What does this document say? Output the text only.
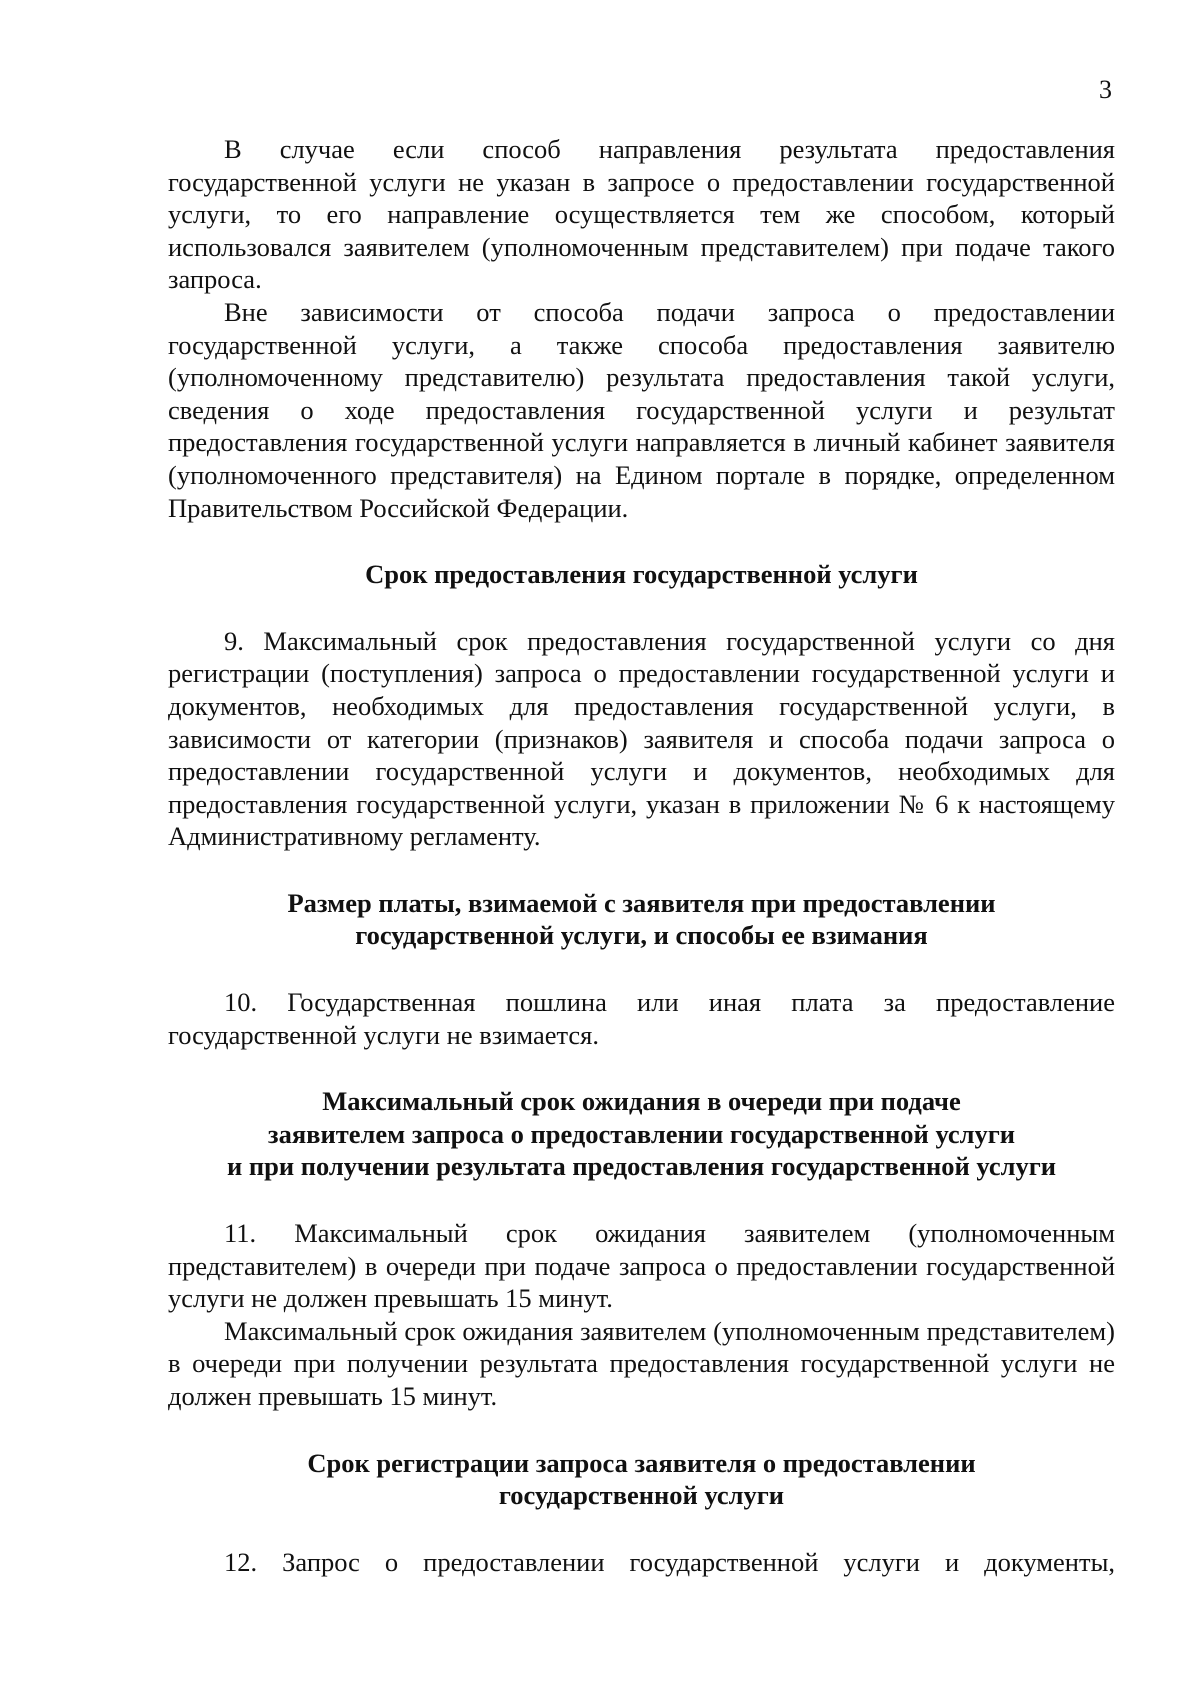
3

В случае если способ направления результата предоставления государственной услуги не указан в запросе о предоставлении государственной услуги, то его направление осуществляется тем же способом, который использовался заявителем (уполномоченным представителем) при подаче такого запроса.

Вне зависимости от способа подачи запроса о предоставлении государственной услуги, а также способа предоставления заявителю (уполномоченному представителю) результата предоставления такой услуги, сведения о ходе предоставления государственной услуги и результат предоставления государственной услуги направляется в личный кабинет заявителя (уполномоченного представителя) на Едином портале в порядке, определенном Правительством Российской Федерации.

Срок предоставления государственной услуги

9. Максимальный срок предоставления государственной услуги со дня регистрации (поступления) запроса о предоставлении государственной услуги и документов, необходимых для предоставления государственной услуги, в зависимости от категории (признаков) заявителя и способа подачи запроса о предоставлении государственной услуги и документов, необходимых для предоставления государственной услуги, указан в приложении № 6 к настоящему Административному регламенту.

Размер платы, взимаемой с заявителя при предоставлении
государственной услуги, и способы ее взимания

10. Государственная пошлина или иная плата за предоставление государственной услуги не взимается.

Максимальный срок ожидания в очереди при подаче
заявителем запроса о предоставлении государственной услуги
и при получении результата предоставления государственной услуги

11. Максимальный срок ожидания заявителем (уполномоченным представителем) в очереди при подаче запроса о предоставлении государственной услуги не должен превышать 15 минут.

Максимальный срок ожидания заявителем (уполномоченным представителем) в очереди при получении результата предоставления государственной услуги не должен превышать 15 минут.

Срок регистрации запроса заявителя о предоставлении
государственной услуги

12. Запрос о предоставлении государственной услуги и документы,
